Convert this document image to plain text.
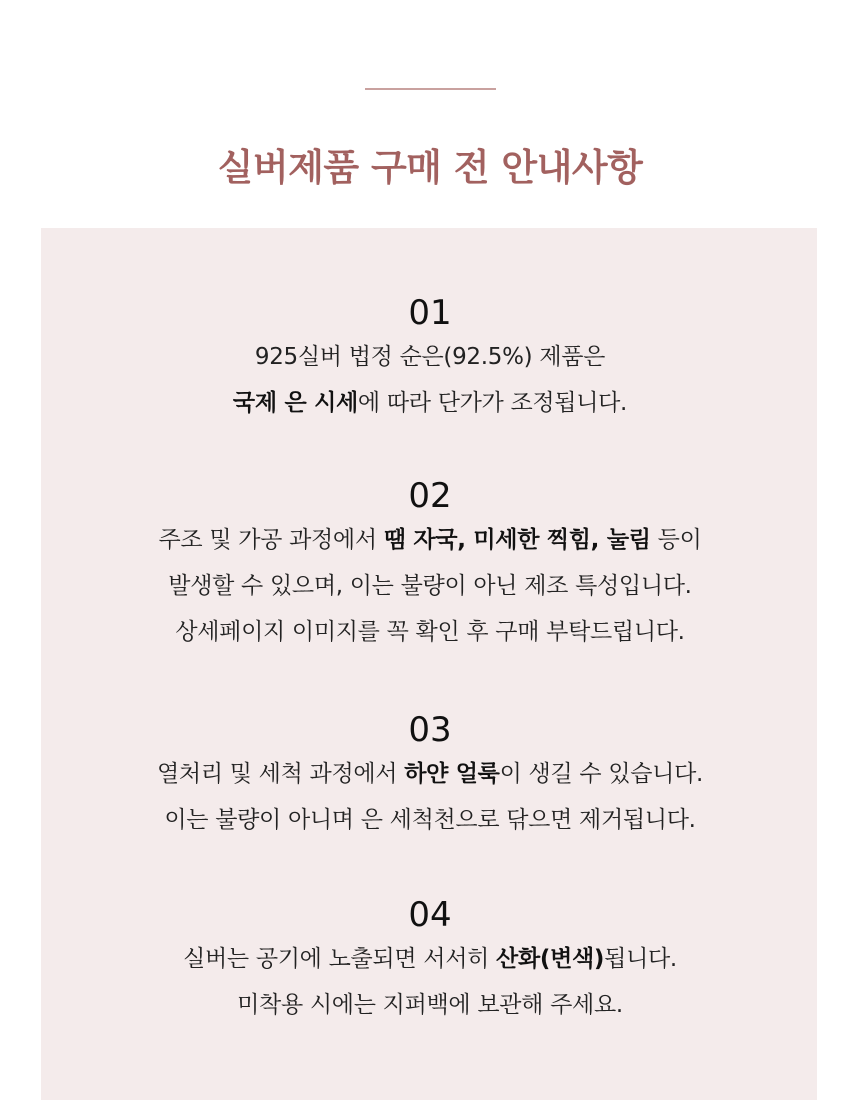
실버제품 구매 전 안내사항
01
925실버 법정 순은(92.5%) 제품은
국제 은 시세에 따라 단가가 조정됩니다.
02
주조 및 가공 과정에서 땜 자국, 미세한 찍힘, 눌림 등이
발생할 수 있으며, 이는 불량이 아닌 제조 특성입니다.
상세페이지 이미지를 꼭 확인 후 구매 부탁드립니다.
03
열처리 및 세척 과정에서 하얀 얼룩이 생길 수 있습니다.
이는 불량이 아니며 은 세척천으로 닦으면 제거됩니다.
04
실버는 공기에 노출되면 서서히 산화(변색)됩니다.
미착용 시에는 지퍼백에 보관해 주세요.
